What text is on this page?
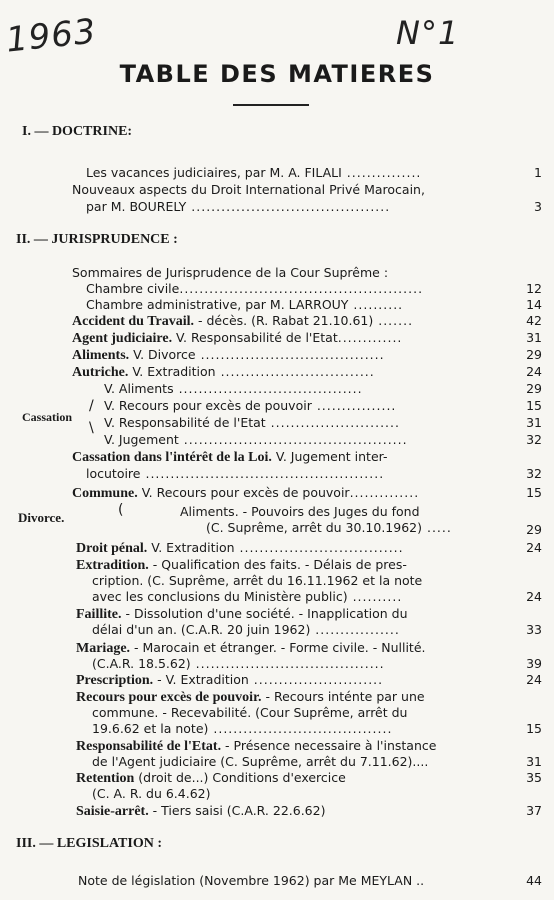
1963	N°1
TABLE DES MATIERES
I. — DOCTRINE:
Les vacances judiciaires, par M. A. FILALI ...............	1
Nouveaux aspects du Droit International Privé Marocain,
par M. BOURELY ........................................	3
II. — JURISPRUDENCE :
Sommaires de Jurisprudence de la Cour Suprême :
Chambre civile.................................................	12
Chambre administrative, par M. LARROUY ..........	14
Accident du Travail. - décès. (R. Rabat 21.10.61) .......	42
Agent judiciaire. V. Responsabilité de l'Etat.............	31
Aliments. V. Divorce .....................................	29
Autriche. V. Extradition ...............................	24
Cassation
/
\
V. Aliments .....................................	29
V. Recours pour excès de pouvoir ................	15
V. Responsabilité de l'Etat ..........................	31
V. Jugement .............................................	32
Cassation dans l'intérêt de la Loi. V. Jugement inter-
locutoire ................................................	32
Commune. V. Recours pour excès de pouvoir..............	15
Divorce.	(	Aliments. - Pouvoirs des Juges du fond
(C. Suprême, arrêt du 30.10.1962) .....	29
Droit pénal. V. Extradition .................................	24
Extradition. - Qualification des faits. - Délais de pres-
cription. (C. Suprême, arrêt du 16.11.1962 et la note
avec les conclusions du Ministère public) ..........	24
Faillite. - Dissolution d'une société. - Inapplication du
délai d'un an. (C.A.R. 20 juin 1962) .................	33
Mariage. - Marocain et étranger. - Forme civile. - Nullité.
(C.A.R. 18.5.62) ......................................	39
Prescription. - V. Extradition ..........................	24
Recours pour excès de pouvoir. - Recours inténte par une
commune. - Recevabilité. (Cour Suprême, arrêt du
19.6.62 et la note) ....................................	15
Responsabilité de l'Etat. - Présence necessaire à l'instance
de l'Agent judiciaire (C. Suprême, arrêt du 7.11.62)....	31
Retention (droit de...) Conditions d'exercice	35
(C. A. R. du 6.4.62)
Saisie-arrêt. - Tiers saisi (C.A.R. 22.6.62)	37
III. — LEGISLATION :
Note de législation (Novembre 1962) par Me MEYLAN ..	44
